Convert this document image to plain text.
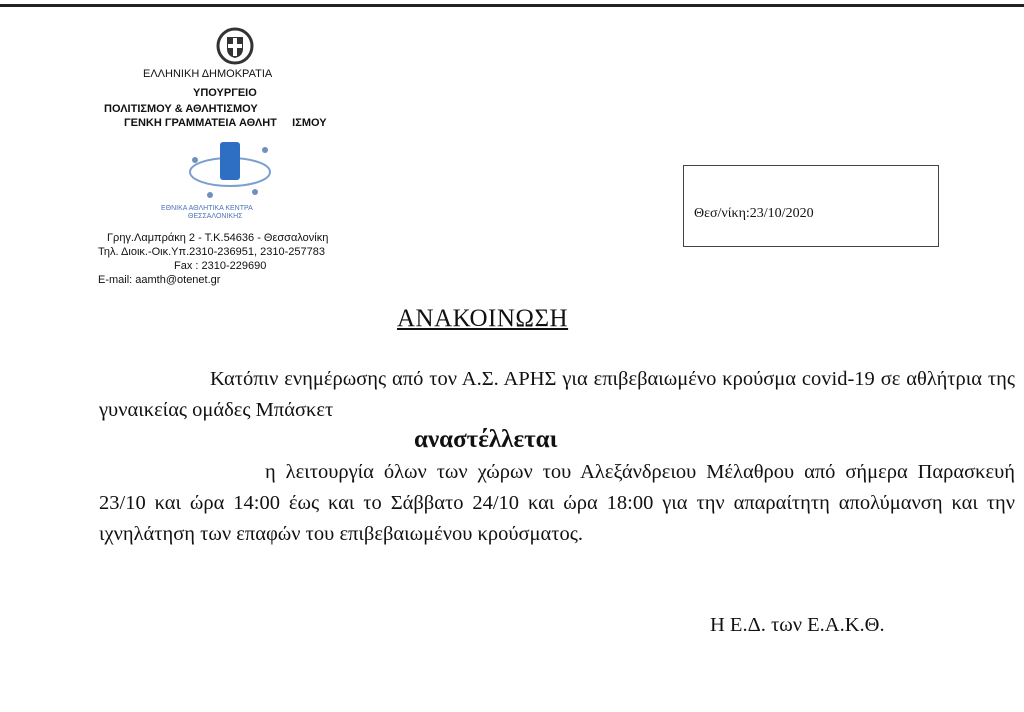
ΕΛΛΗΝΙΚΗ ΔΗΜΟΚΡΑΤΙΑ
ΥΠΟΥΡΓΕΙΟ
ΠΟΛΙΤΙΣΜΟΥ & ΑΘΛΗΤΙΣΜΟΥ
ΓΕΝΚΗ ΓΡΑΜΜΑΤΕΙΑ ΑΘΛΗΤ     ΙΣΜΟΥ
ΕΘΝΙΚΑ ΑΘΛΗΤΙΚΑ ΚΕΝΤΡΑ
ΘΕΣΣΑΛΟΝΙΚΗΣ
Γρηγ.Λαμπράκη 2 - Τ.Κ.54636 - Θεσσαλονίκη
Τηλ. Διοικ.-Οικ.Υπ.2310-236951, 2310-257783
Fax : 2310-229690
E-mail: aamth@otenet.gr
Θεσ/νίκη:23/10/2020
ΑΝΑΚΟΙΝΩΣΗ
Κατόπιν ενημέρωσης από τον Α.Σ. ΑΡΗΣ για επιβεβαιωμένο κρούσμα covid-19 σε αθλήτρια της γυναικείας ομάδες Μπάσκετ
αναστέλλεται
η λειτουργία όλων των χώρων του Αλεξάνδρειου Μέλαθρου από σήμερα Παρασκευή 23/10 και ώρα 14:00 έως και το Σάββατο 24/10 και ώρα 18:00 για την απαραίτητη απολύμανση και την ιχνηλάτηση των επαφών του επιβεβαιωμένου κρούσματος.
Η Ε.Δ. των Ε.Α.Κ.Θ.
